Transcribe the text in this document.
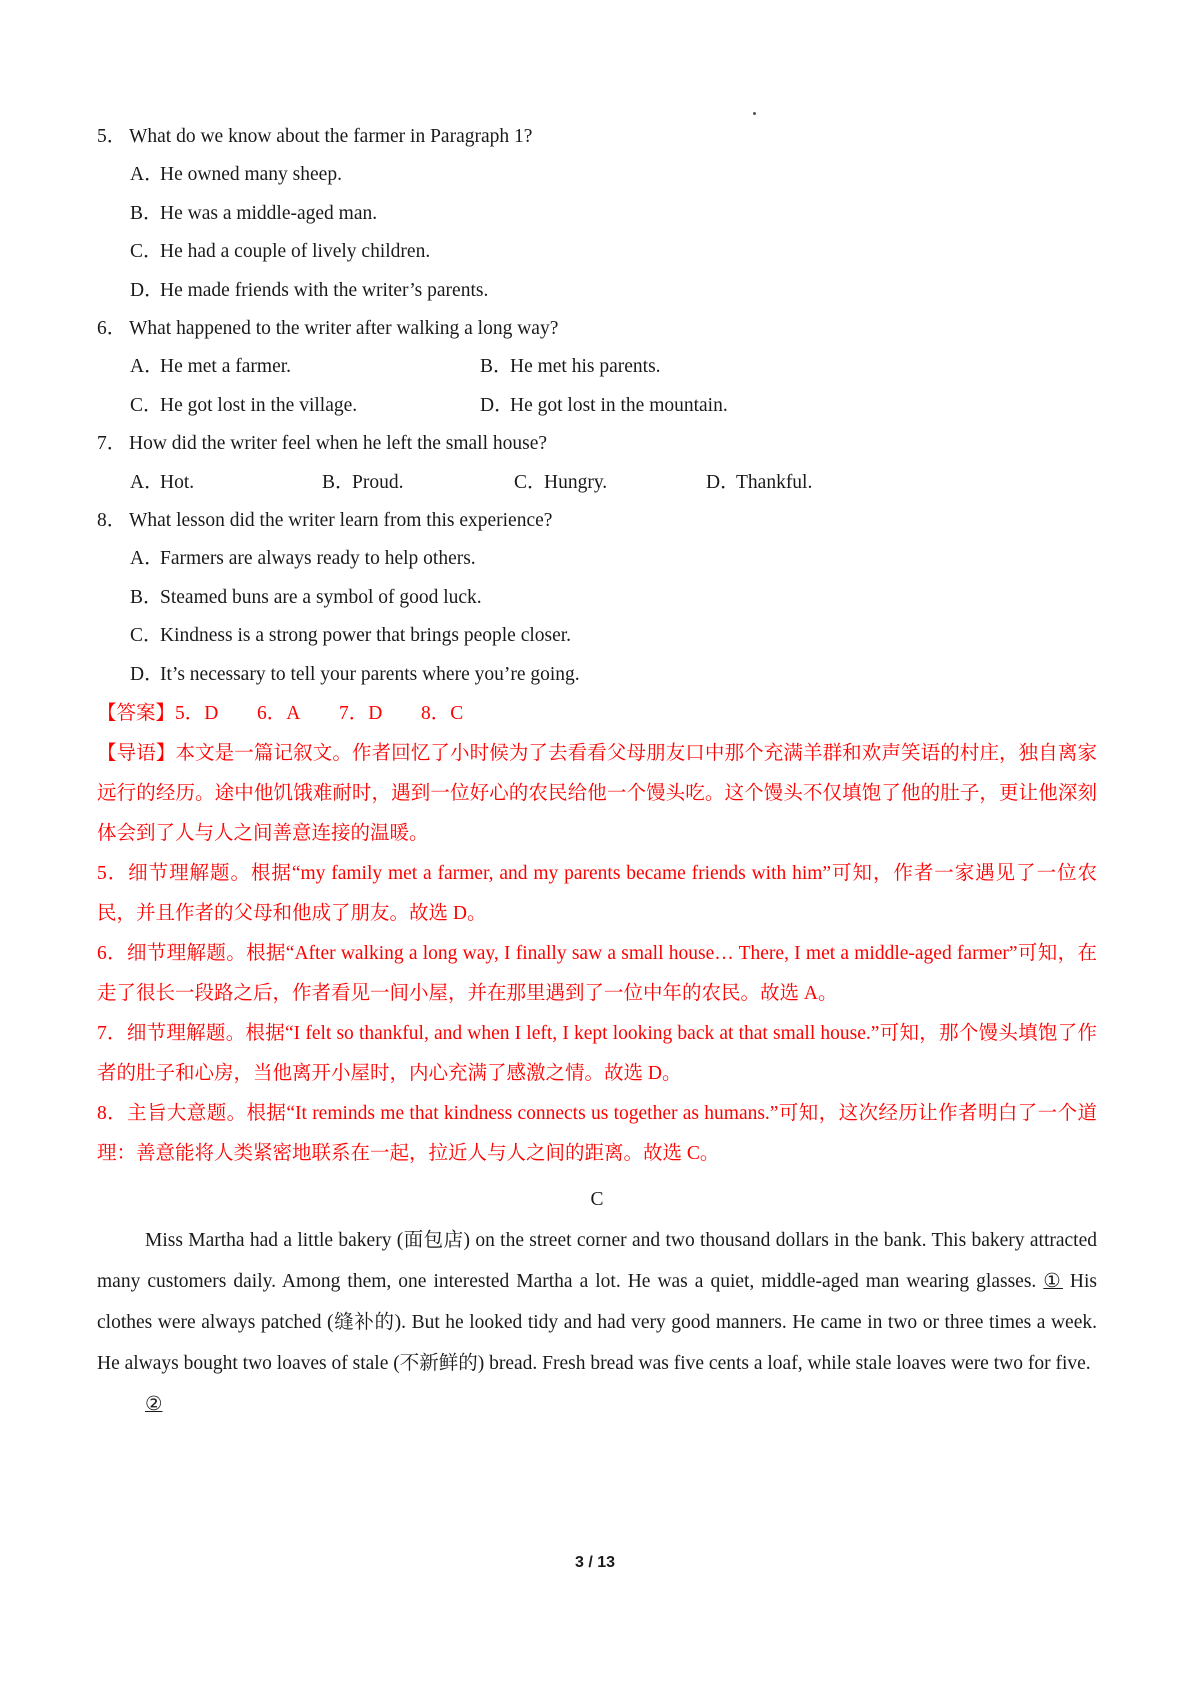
5． What do we know about the farmer in Paragraph 1?
A．He owned many sheep.
B．He was a middle-aged man.
C．He had a couple of lively children.
D．He made friends with the writer’s parents.
6． What happened to the writer after walking a long way?
A．He met a farmer.	B．He met his parents.
C．He got lost in the village.	D．He got lost in the mountain.
7． How did the writer feel when he left the small house?
A．Hot.	B．Proud.	C．Hungry.	D．Thankful.
8． What lesson did the writer learn from this experience?
A．Farmers are always ready to help others.
B．Steamed buns are a symbol of good luck.
C．Kindness is a strong power that brings people closer.
D．It’s necessary to tell your parents where you’re going.
【答案】5．D 6．A 7．D 8．C
【导语】本文是一篇记叙文。作者回忆了小时候为了去看看父母朋友口中那个充满羊群和欢声笑语的村庄，独自离家远行的经历。途中他饥饿难耐时，遇到一位好心的农民给他一个馒头吃。这个馒头不仅填饱了他的肚子，更让他深刻体会到了人与人之间善意连接的温暖。
5．细节理解题。根据“my family met a farmer, and my parents became friends with him”可知，作者一家遇见了一位农民，并且作者的父母和他成了朋友。故选 D。
6．细节理解题。根据“After walking a long way, I finally saw a small house… There, I met a middle-aged farmer”可知，在走了很长一段路之后，作者看见一间小屋，并在那里遇到了一位中年的农民。故选 A。
7．细节理解题。根据“I felt so thankful, and when I left, I kept looking back at that small house.”可知，那个馒头填饱了作者的肚子和心房，当他离开小屋时，内心充满了感激之情。故选 D。
8．主旨大意题。根据“It reminds me that kindness connects us together as humans.”可知，这次经历让作者明白了一个道理：善意能将人类紧密地联系在一起，拉近人与人之间的距离。故选 C。
C
Miss Martha had a little bakery (面包店) on the street corner and two thousand dollars in the bank. This bakery attracted many customers daily. Among them, one interested Martha a lot. He was a quiet, middle-aged man wearing glasses. ① His clothes were always patched (缝补的). But he looked tidy and had very good manners. He came in two or three times a week. He always bought two loaves of stale (不新鲜的) bread. Fresh bread was five cents a loaf, while stale loaves were two for five.
②
3 / 13
